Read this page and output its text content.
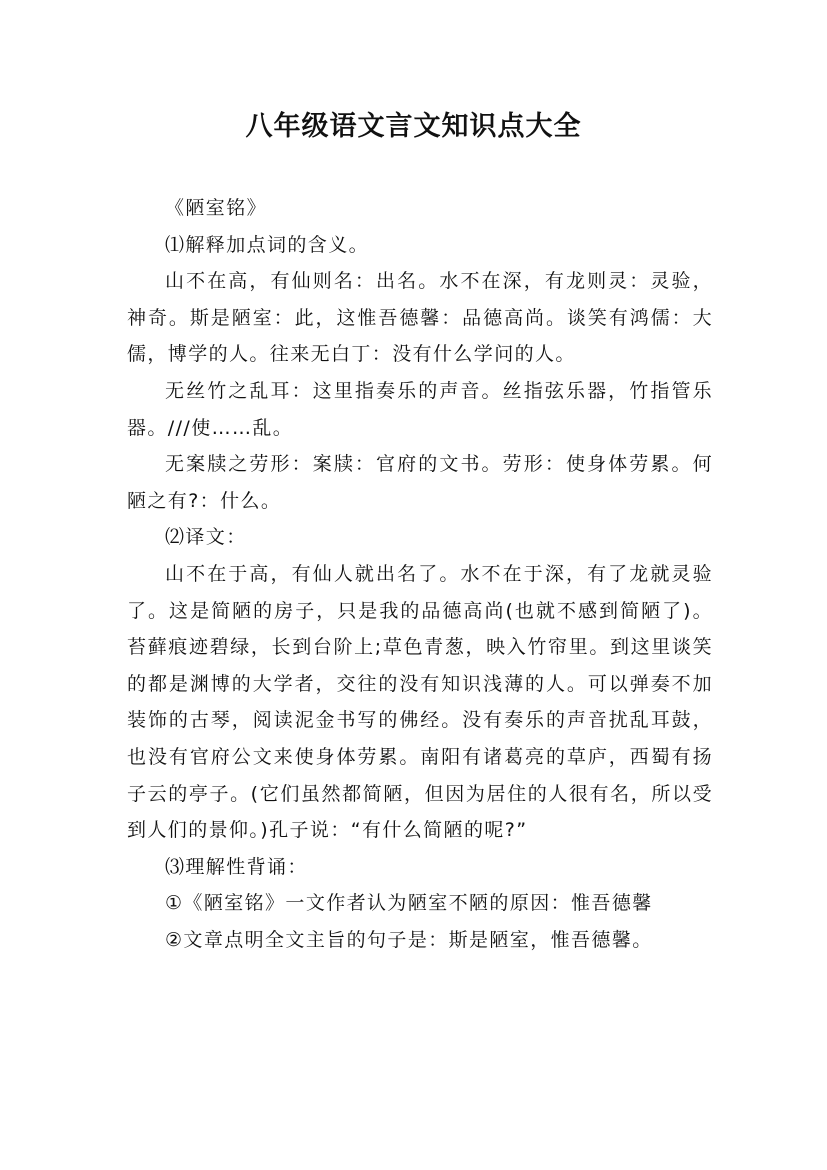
八年级语文言文知识点大全

《陋室铭》

⑴解释加点词的含义。

山不在高，有仙则名：出名。水不在深，有龙则灵：灵验，神奇。斯是陋室：此，这惟吾德馨：品德高尚。谈笑有鸿儒：大儒，博学的人。往来无白丁：没有什么学问的人。

无丝竹之乱耳：这里指奏乐的声音。丝指弦乐器，竹指管乐器。///使……乱。

无案牍之劳形：案牍：官府的文书。劳形：使身体劳累。何陋之有?：什么。

⑵译文：

山不在于高，有仙人就出名了。水不在于深，有了龙就灵验了。这是简陋的房子，只是我的品德高尚(也就不感到简陋了)。苔藓痕迹碧绿，长到台阶上;草色青葱，映入竹帘里。到这里谈笑的都是渊博的大学者，交往的没有知识浅薄的人。可以弹奏不加装饰的古琴，阅读泥金书写的佛经。没有奏乐的声音扰乱耳鼓，也没有官府公文来使身体劳累。南阳有诸葛亮的草庐，西蜀有扬子云的亭子。(它们虽然都简陋，但因为居住的人很有名，所以受到人们的景仰。)孔子说：“有什么简陋的呢?”

⑶理解性背诵：

①《陋室铭》一文作者认为陋室不陋的原因：惟吾德馨

②文章点明全文主旨的句子是：斯是陋室，惟吾德馨。
